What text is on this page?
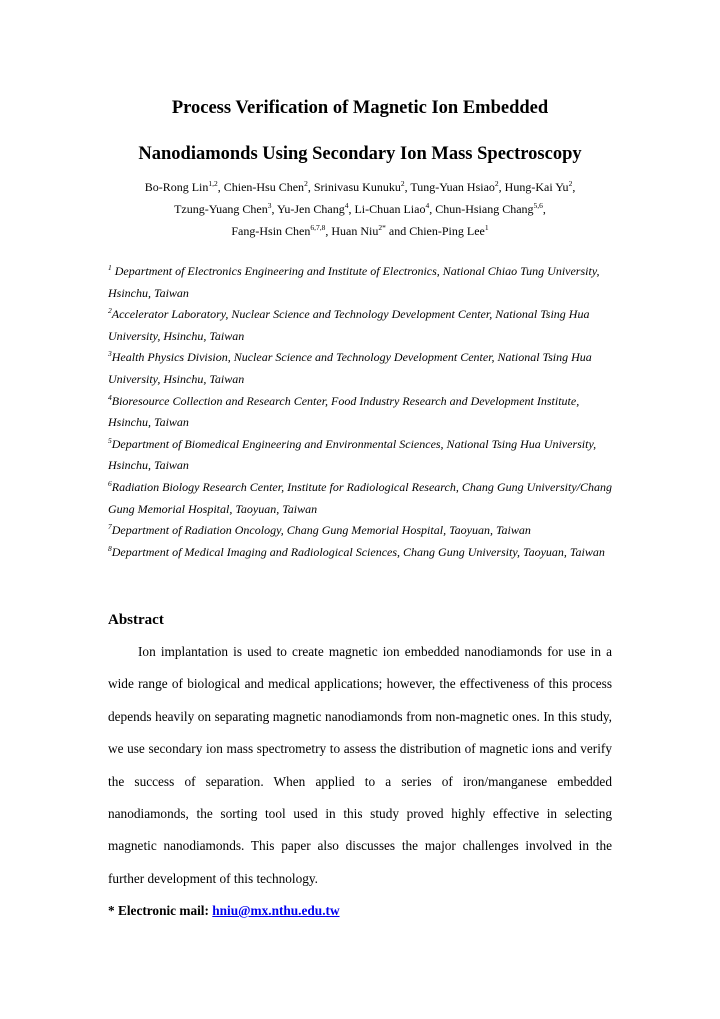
Process Verification of Magnetic Ion Embedded
Nanodiamonds Using Secondary Ion Mass Spectroscopy
Bo-Rong Lin$^{1,2}$, Chien-Hsu Chen$^2$, Srinivasu Kunuku$^2$, Tung-Yuan Hsiao$^2$, Hung-Kai Yu$^2$,
Tzung-Yuang Chen$^3$, Yu-Jen Chang$^4$, Li-Chuan Liao$^4$, Chun-Hsiang Chang$^{5,6}$,
Fang-Hsin Chen$^{6,7,8}$, Huan Niu$^{2*}$ and Chien-Ping Lee$^1$

$^1$ Department of Electronics Engineering and Institute of Electronics, National Chiao Tung University, Hsinchu, Taiwan

$^2$Accelerator Laboratory, Nuclear Science and Technology Development Center, National Tsing Hua University, Hsinchu, Taiwan

$^3$Health Physics Division, Nuclear Science and Technology Development Center, National Tsing Hua University, Hsinchu, Taiwan

$^4$Bioresource Collection and Research Center, Food Industry Research and Development Institute, Hsinchu, Taiwan

$^5$Department of Biomedical Engineering and Environmental Sciences, National Tsing Hua University, Hsinchu, Taiwan

$^6$Radiation Biology Research Center, Institute for Radiological Research, Chang Gung University/Chang Gung Memorial Hospital, Taoyuan, Taiwan

$^7$Department of Radiation Oncology, Chang Gung Memorial Hospital, Taoyuan, Taiwan

$^8$Department of Medical Imaging and Radiological Sciences, Chang Gung University, Taoyuan, Taiwan

Abstract

Ion implantation is used to create magnetic ion embedded nanodiamonds for use in a wide range of biological and medical applications; however, the effectiveness of this process depends heavily on separating magnetic nanodiamonds from non-magnetic ones. In this study, we use secondary ion mass spectrometry to assess the distribution of magnetic ions and verify the success of separation. When applied to a series of iron/manganese embedded nanodiamonds, the sorting tool used in this study proved highly effective in selecting magnetic nanodiamonds. This paper also discusses the major challenges involved in the further development of this technology.

* Electronic mail: hniu@mx.nthu.edu.tw
